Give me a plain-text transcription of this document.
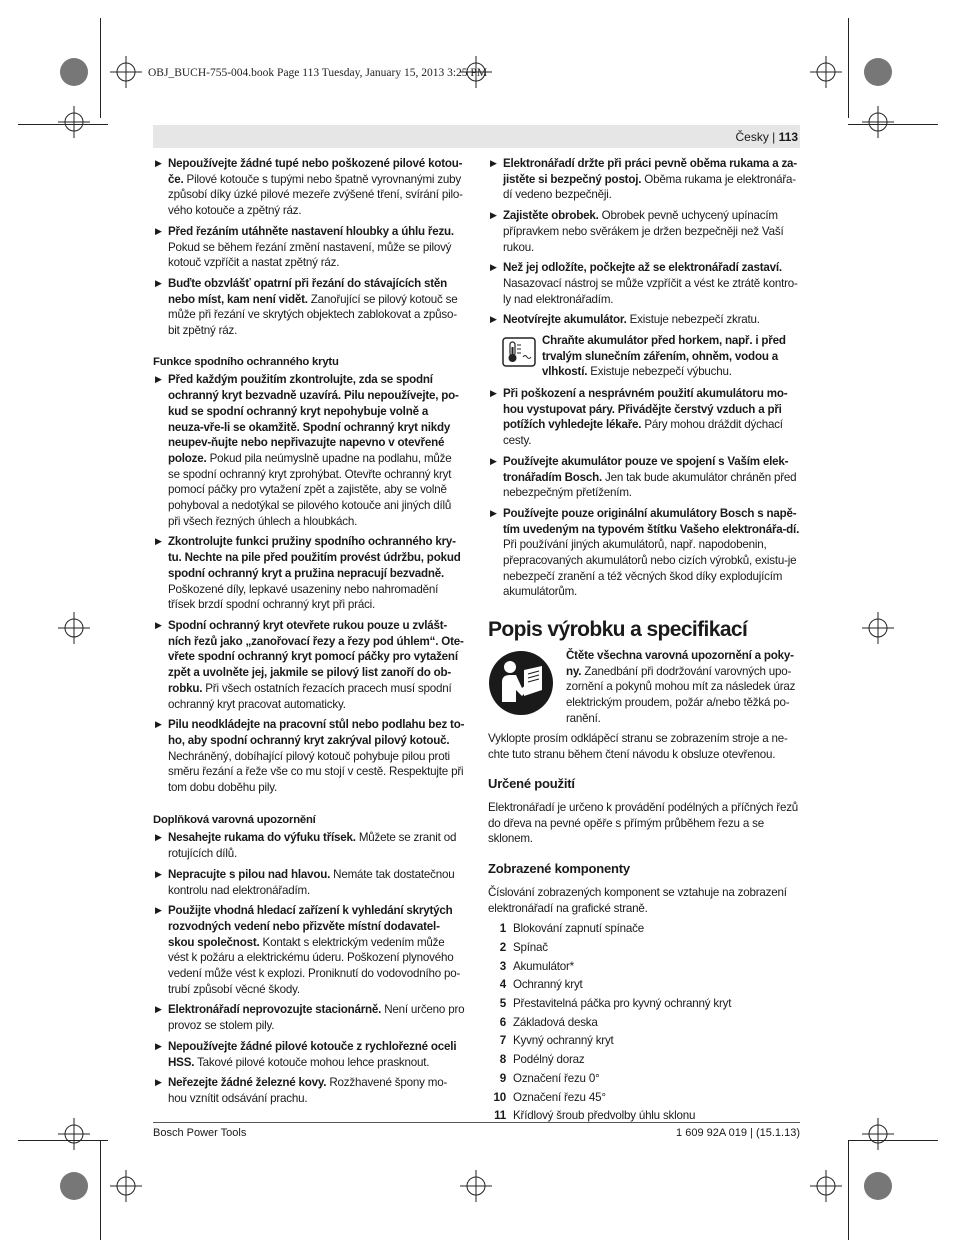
OBJ_BUCH-755-004.book Page 113 Tuesday, January 15, 2013 3:25 PM
Česky | 113
▶ Nepoužívejte žádné tupé nebo poškozené pilové kotou-če. Pilové kotouče s tupými nebo špatně vyrovnanými zuby způsobí díky úzké pilové mezeře zvýšené tření, svírání pilo-vého kotouče a zpětný ráz.
▶ Před řezáním utáhněte nastavení hloubky a úhlu řezu. Pokud se během řezání změní nastavení, může se pilový kotouč vzpříčit a nastat zpětný ráz.
▶ Buďte obzvlášť opatrní při řezání do stávajících stěn nebo míst, kam není vidět. Zanořující se pilový kotouč se může při řezání ve skrytých objektech zablokovat a způso-bit zpětný ráz.
Funkce spodního ochranného krytu
▶ Před každým použitím zkontrolujte, zda se spodní ochranný kryt bezvadně uzavírá. Pilu nepoužívejte, po-kud se spodní ochranný kryt nepohybuje volně a neuza-vře-li se okamžitě. Spodní ochranný kryt nikdy neupev-ňujte nebo nepřivazujte napevno v otevřené poloze. Pokud pila neúmyslně upadne na podlahu, může se spodní ochranný kryt zprohýbat. Otevřte ochranný kryt pomocí páčky pro vytažení zpět a zajistěte, aby se volně pohyboval a nedotýkal se pilového kotouče ani jiných dílů při všech řezných úhlech a hloubkách.
▶ Zkontrolujte funkci pružiny spodního ochranného kry-tu. Nechte na pile před použitím provést údržbu, pokud spodní ochranný kryt a pružina nepracují bezvadně. Poškozené díly, lepkavé usazeniny nebo nahromadění třísek brzdí spodní ochranný kryt při práci.
▶ Spodní ochranný kryt otevřete rukou pouze u zvlášt-ních řezů jako „zanořovací řezy a řezy pod úhlem“. Ote-vřete spodní ochranný kryt pomocí páčky pro vytažení zpět a uvolněte jej, jakmile se pilový list zanoří do ob-robku. Při všech ostatních řezacích pracech musí spodní ochranný kryt pracovat automaticky.
▶ Pilu neodkládejte na pracovní stůl nebo podlahu bez to-ho, aby spodní ochranný kryt zakrýval pilový kotouč. Nechráněný, dobíhající pilový kotouč pohybuje pilou proti směru řezání a řeže vše co mu stojí v cestě. Respektujte při tom dobu doběhu pily.
Doplňková varovná upozornění
▶ Nesahejte rukama do výfuku třísek. Můžete se zranit od rotujících dílů.
▶ Nepracujte s pilou nad hlavou. Nemáte tak dostatečnou kontrolu nad elektronářadím.
▶ Použijte vhodná hledací zařízení k vyhledání skrytých rozvodných vedení nebo přizvěte místní dodavatel-skou společnost. Kontakt s elektrickým vedením může vést k požáru a elektrickému úderu. Poškození plynového vedení může vést k explozi. Proniknutí do vodovodního po-trubí způsobí věcné škody.
▶ Elektronářadí neprovozujte stacionárně. Není určeno pro provoz se stolem pily.
▶ Nepoužívejte žádné pilové kotouče z rychlořezné oceli HSS. Takové pilové kotouče mohou lehce prasknout.
▶ Neřezejte žádné železné kovy. Rozžhavené špony mo-hou vznítit odsávání prachu.
▶ Elektronářadí držte při práci pevně oběma rukama a za-jistěte si bezpečný postoj. Oběma rukama je elektronářa-dí vedeno bezpečněji.
▶ Zajistěte obrobek. Obrobek pevně uchycený upínacím přípravkem nebo svěrákem je držen bezpečněji než Vaší rukou.
▶ Než jej odložíte, počkejte až se elektronářadí zastaví. Nasazovací nástroj se může vzpříčit a vést ke ztrátě kontro-ly nad elektronářadím.
▶ Neotvírejte akumulátor. Existuje nebezpečí zkratu.
Chraňte akumulátor před horkem, např. i před trvalým slunečním zářením, ohněm, vodou a vlhkostí. Existuje nebezpečí výbuchu.
▶ Při poškození a nesprávném použití akumulátoru mo-hou vystupovat páry. Přivádějte čerstvý vzduch a při potížích vyhledejte lékaře. Páry mohou dráždit dýchací cesty.
▶ Používejte akumulátor pouze ve spojení s Vaším elek-tronářadím Bosch. Jen tak bude akumulátor chráněn před nebezpečným přetížením.
▶ Používejte pouze originální akumulátory Bosch s napě-tím uvedeným na typovém štítku Vašeho elektronářa-dí. Při používání jiných akumulátorů, např. napodobenin, přepracovaných akumulátorů nebo cizích výrobků, existu-je nebezpečí zranění a též věcných škod díky explodujícím akumulátorům.
Popis výrobku a specifikací
Čtěte všechna varovná upozornění a poky-ny. Zanedbání při dodržování varovných upo-zornění a pokynů mohou mít za následek úraz elektrickým proudem, požár a/nebo těžká po-ranění.

Vyklopte prosím odklápěcí stranu se zobrazením stroje a ne-chte tuto stranu během čtení návodu k obsluze otevřenou.

Určené použití

Elektronářadí je určeno k provádění podélných a příčných řezů do dřeva na pevné opěře s přímým průběhem řezu a se sklonem.

Zobrazené komponenty

Číslování zobrazených komponent se vztahuje na zobrazení elektronářadí na grafické straně.

1 Blokování zapnutí spínače
2 Spínač
3 Akumulátor*
4 Ochranný kryt
5 Přestavitelná páčka pro kyvný ochranný kryt
6 Základová deska
7 Kyvný ochranný kryt
8 Podélný doraz
9 Označení řezu 0°
10 Označení řezu 45°
11 Křídlový šroub předvolby úhlu sklonu
Bosch Power Tools	1 609 92A 019 | (15.1.13)
